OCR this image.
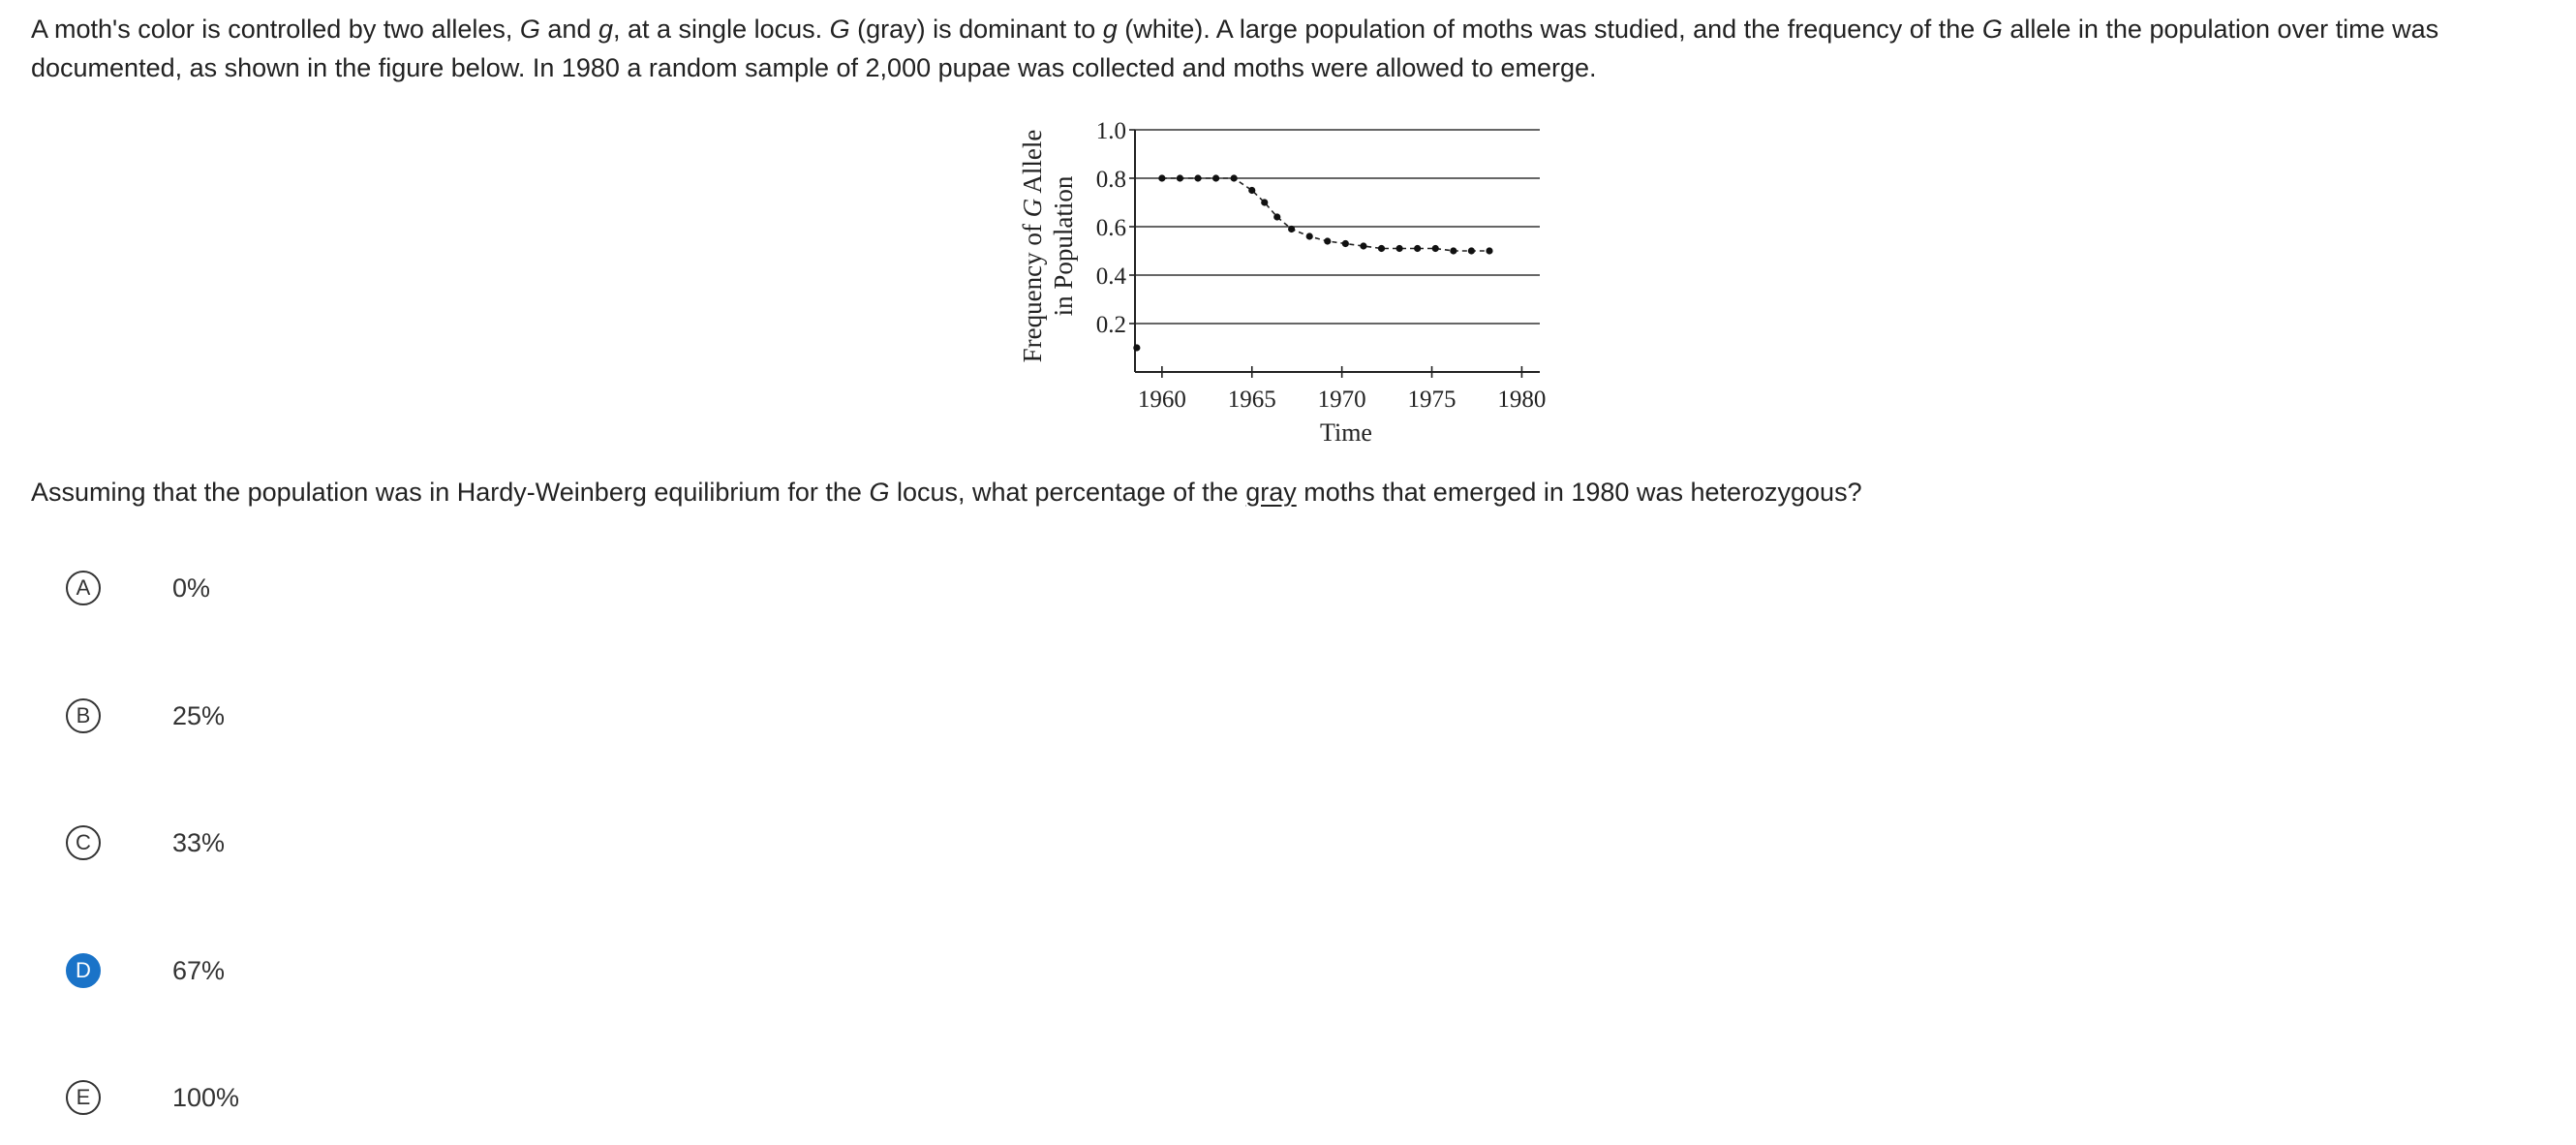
A moth's color is controlled by two alleles, G and g, at a single locus. G (gray) is dominant to g (white). A large population of moths was studied, and the frequency of the G allele in the population over time was documented, as shown in the figure below. In 1980 a random sample of 2,000 pupae was collected and moths were allowed to emerge.
Frequency of G Allele
in Population
0.2
0.4
0.6
0.8
1.0
1960 1965 1970 1975 1980
Time
Assuming that the population was in Hardy-Weinberg equilibrium for the G locus, what percentage of the gray moths that emerged in 1980 was heterozygous?
A	0%
B	25%
C	33%
D	67%
E	100%
